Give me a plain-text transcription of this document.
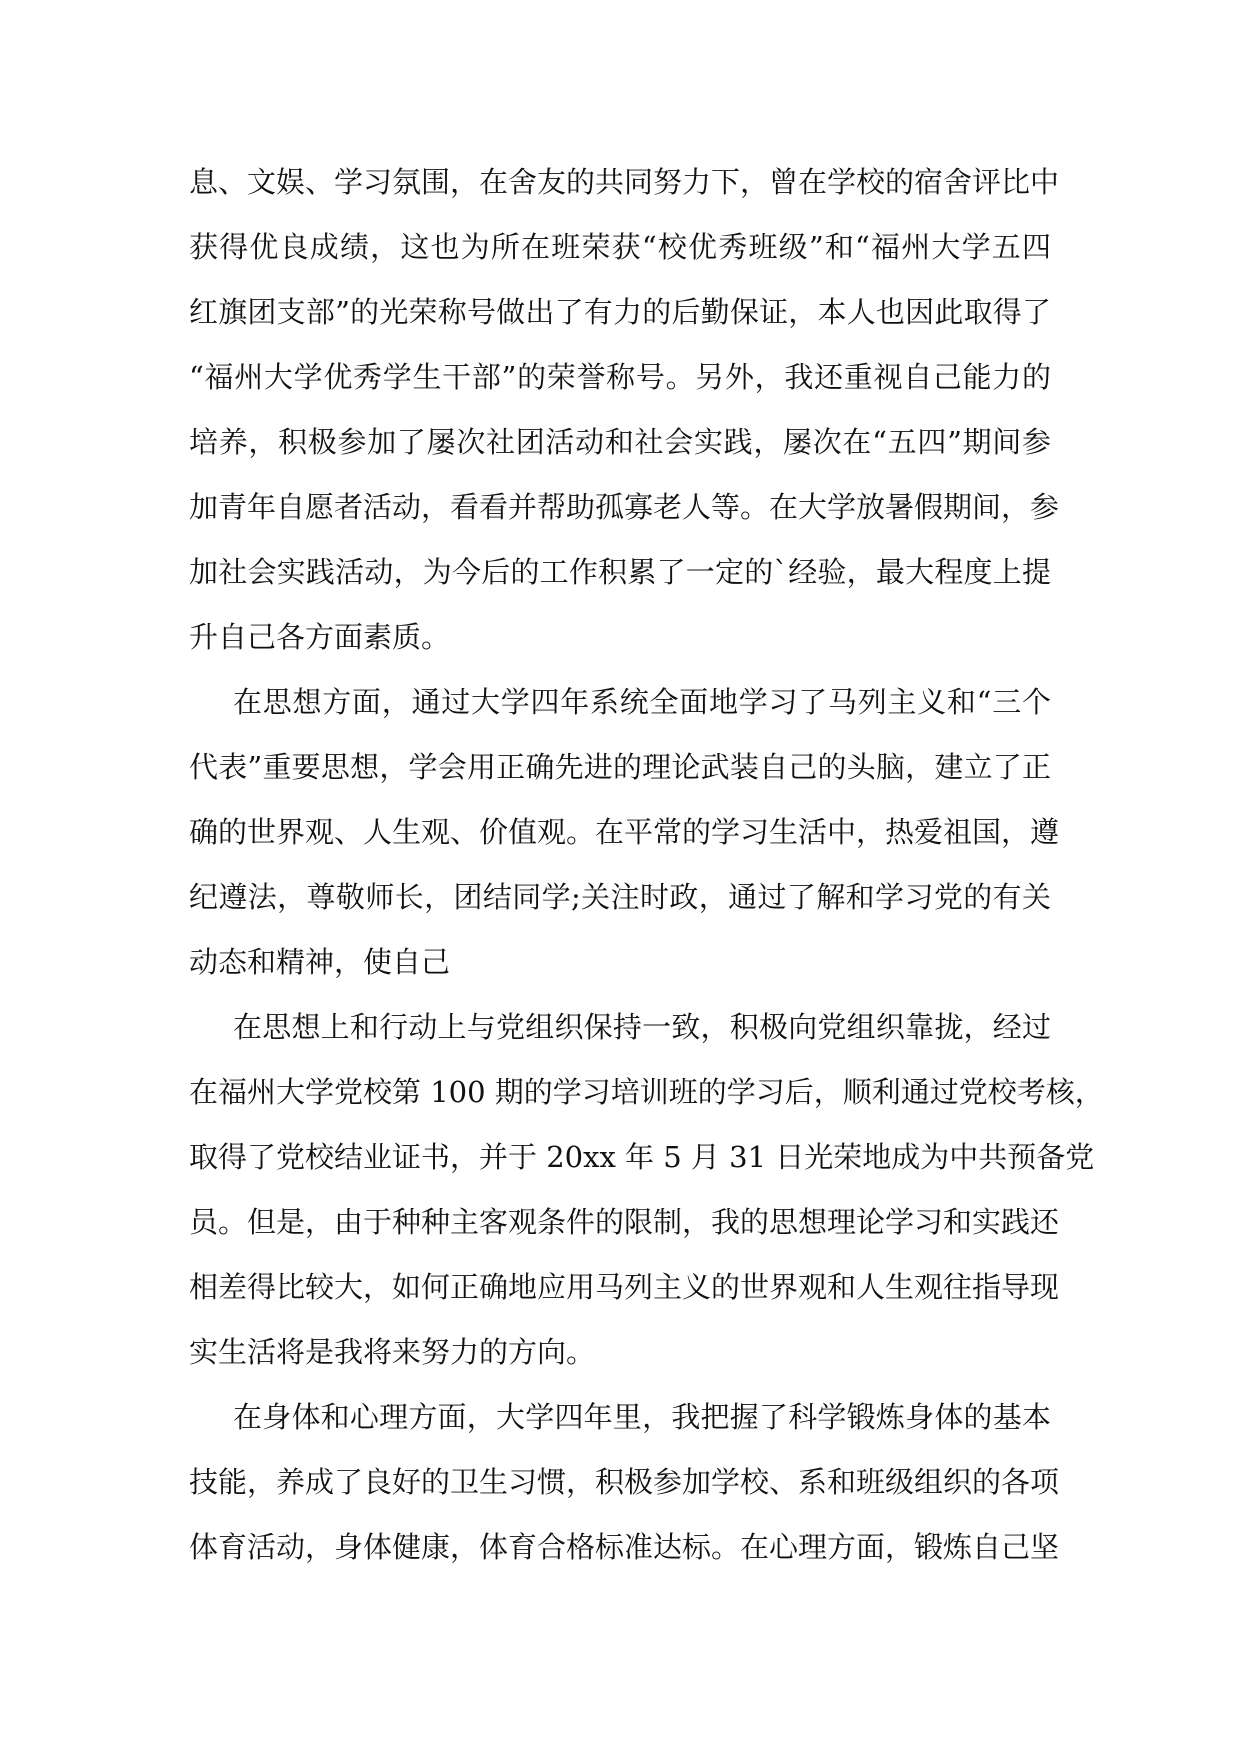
息、文娱、学习氛围，在舍友的共同努力下，曾在学校的宿舍评比中
获得优良成绩，这也为所在班荣获“校优秀班级”和“福州大学五四
红旗团支部”的光荣称号做出了有力的后勤保证，本人也因此取得了
“福州大学优秀学生干部”的荣誉称号。另外，我还重视自己能力的
培养，积极参加了屡次社团活动和社会实践，屡次在“五四”期间参
加青年自愿者活动，看看并帮助孤寡老人等。在大学放暑假期间，参
加社会实践活动，为今后的工作积累了一定的`经验，最大程度上提
升自己各方面素质。
在思想方面，通过大学四年系统全面地学习了马列主义和“三个
代表”重要思想，学会用正确先进的理论武装自己的头脑，建立了正
确的世界观、人生观、价值观。在平常的学习生活中，热爱祖国，遵
纪遵法，尊敬师长，团结同学;关注时政，通过了解和学习党的有关
动态和精神，使自己
在思想上和行动上与党组织保持一致，积极向党组织靠拢，经过
在福州大学党校第 100 期的学习培训班的学习后，顺利通过党校考核，
取得了党校结业证书，并于 20xx 年 5 月 31 日光荣地成为中共预备党
员。但是，由于种种主客观条件的限制，我的思想理论学习和实践还
相差得比较大，如何正确地应用马列主义的世界观和人生观往指导现
实生活将是我将来努力的方向。
在身体和心理方面，大学四年里，我把握了科学锻炼身体的基本
技能，养成了良好的卫生习惯，积极参加学校、系和班级组织的各项
体育活动，身体健康，体育合格标准达标。在心理方面，锻炼自己坚
